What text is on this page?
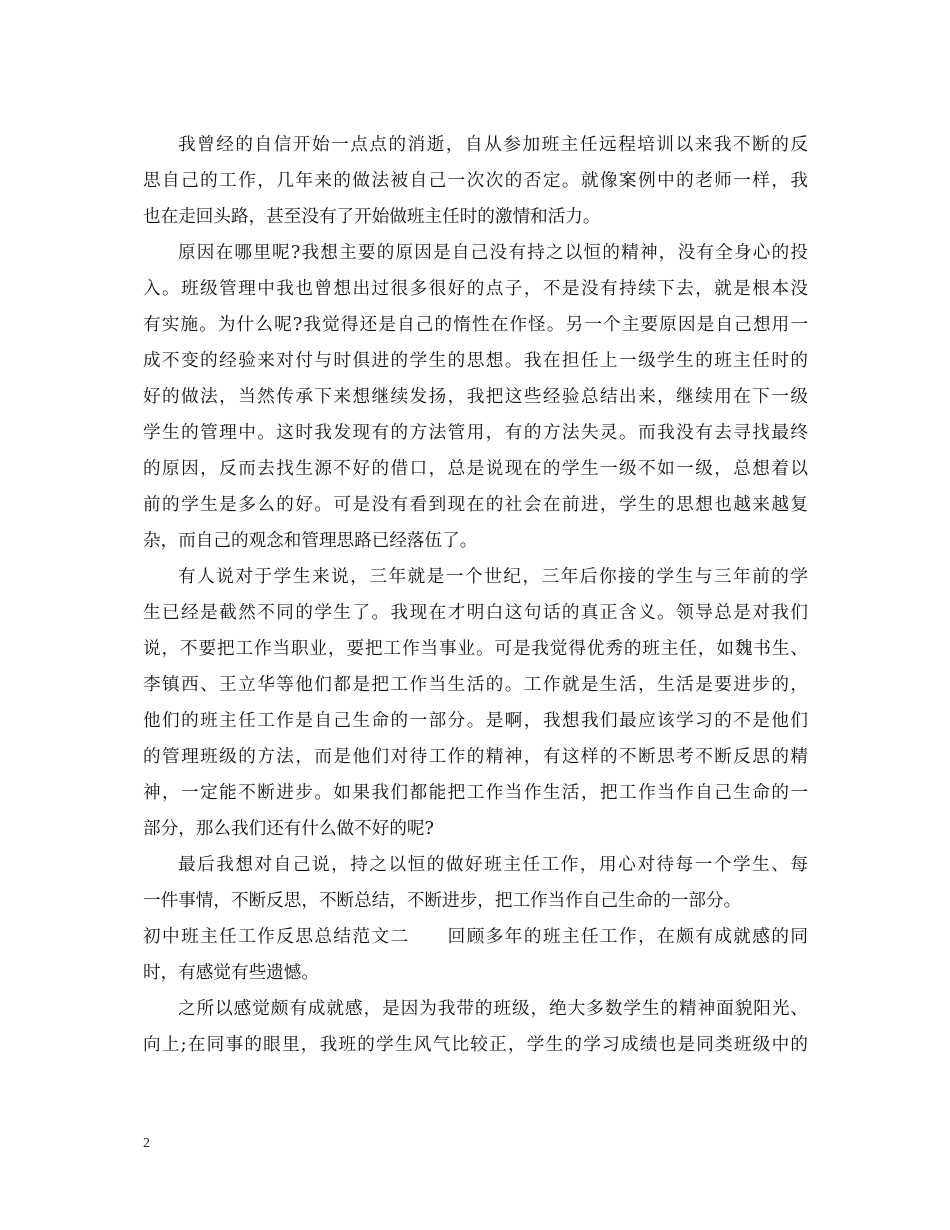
我曾经的自信开始一点点的消逝，自从参加班主任远程培训以来我不断的反
思自己的工作，几年来的做法被自己一次次的否定。就像案例中的老师一样，我
也在走回头路，甚至没有了开始做班主任时的激情和活力。
原因在哪里呢?我想主要的原因是自己没有持之以恒的精神，没有全身心的投
入。班级管理中我也曾想出过很多很好的点子，不是没有持续下去，就是根本没
有实施。为什么呢?我觉得还是自己的惰性在作怪。另一个主要原因是自己想用一
成不变的经验来对付与时俱进的学生的思想。我在担任上一级学生的班主任时的
好的做法，当然传承下来想继续发扬，我把这些经验总结出来，继续用在下一级
学生的管理中。这时我发现有的方法管用，有的方法失灵。而我没有去寻找最终
的原因，反而去找生源不好的借口，总是说现在的学生一级不如一级，总想着以
前的学生是多么的好。可是没有看到现在的社会在前进，学生的思想也越来越复
杂，而自己的观念和管理思路已经落伍了。
有人说对于学生来说，三年就是一个世纪，三年后你接的学生与三年前的学
生已经是截然不同的学生了。我现在才明白这句话的真正含义。领导总是对我们
说，不要把工作当职业，要把工作当事业。可是我觉得优秀的班主任，如魏书生、
李镇西、王立华等他们都是把工作当生活的。工作就是生活，生活是要进步的，
他们的班主任工作是自己生命的一部分。是啊，我想我们最应该学习的不是他们
的管理班级的方法，而是他们对待工作的精神，有这样的不断思考不断反思的精
神，一定能不断进步。如果我们都能把工作当作生活，把工作当作自己生命的一
部分，那么我们还有什么做不好的呢?
最后我想对自己说，持之以恒的做好班主任工作，用心对待每一个学生、每
一件事情，不断反思，不断总结，不断进步，把工作当作自己生命的一部分。
初中班主任工作反思总结范文二　　回顾多年的班主任工作，在颇有成就感的同
时，有感觉有些遗憾。
之所以感觉颇有成就感，是因为我带的班级，绝大多数学生的精神面貌阳光、
向上;在同事的眼里，我班的学生风气比较正，学生的学习成绩也是同类班级中的
2
